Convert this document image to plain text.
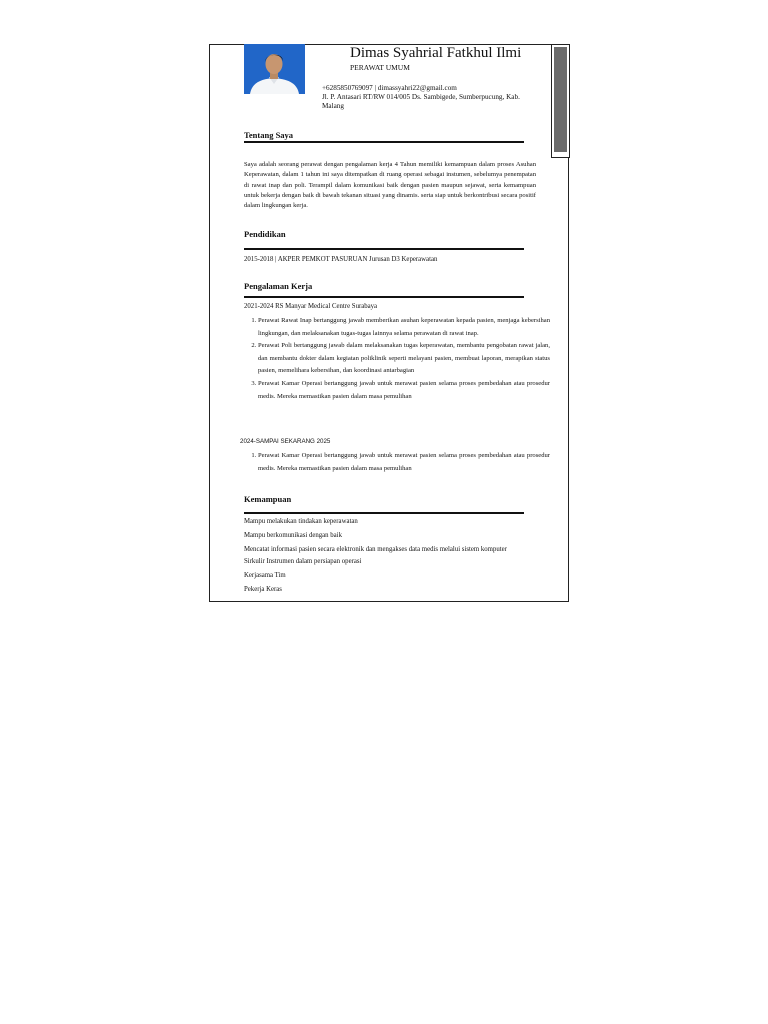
Dimas Syahrial Fatkhul Ilmi
PERAWAT UMUM
+6285850769097 | dimassyahri22@gmail.com
Jl. P. Antasari RT/RW 014/005 Ds. Sambigede, Sumberpucung, Kab. Malang
Tentang Saya
Saya adalah seorang perawat dengan pengalaman kerja 4 Tahun memiliki kemampuan dalam proses Asuhan Keperawatan, dalam 1 tahun ini saya ditempatkan di ruang operasi sebagai instumen, sebelumya penempatan di rawat inap dan poli. Terampil dalam komunikasi baik dengan pasien maupun sejawat, serta kemampuan untuk bekerja dengan baik di bawah tekanan situasi yang dinamis. serta siap untuk berkontribusi secara positif dalam lingkungan kerja.
Pendidikan
2015-2018 | AKPER PEMKOT PASURUAN Jurusan D3 Keperawatan
Pengalaman Kerja
2021-2024 RS Manyar Medical Centre Surabaya
1. Perawat Rawat Inap bertanggung jawab memberikan asuhan keperawatan kepada pasien, menjaga kebersihan lingkungan, dan melaksanakan tugas-tugas lainnya selama perawatan di rawat inap.
2. Perawat Poli bertanggung jawab dalam melaksanakan tugas keperawatan, membantu pengobatan rawat jalan, dan membantu dokter dalam kegiatan poliklinik seperti melayani pasien, membuat laporan, merapikan status pasien, memelihara kebersihan, dan koordinasi antarbagian
3. Perawat Kamar Operasi bertanggung jawab untuk merawat pasien selama proses pembedahan atau prosedur medis. Mereka memastikan pasien dalam masa pemulihan
2024-SAMPAI SEKARANG 2025
1. Perawat Kamar Operasi bertanggung jawab untuk merawat pasien selama proses pembedahan atau prosedur medis. Mereka memastikan pasien dalam masa pemulihan
Kemampuan
Mampu melakukan tindakan keperawatan
Mampu berkomunikasi dengan baik
Mencatat informasi pasien secara elektronik dan mengakses data medis melalui sistem komputer
Sirkulir Instrumen dalam persiapan operasi
Kerjasama Tim
Pekerja Keras
